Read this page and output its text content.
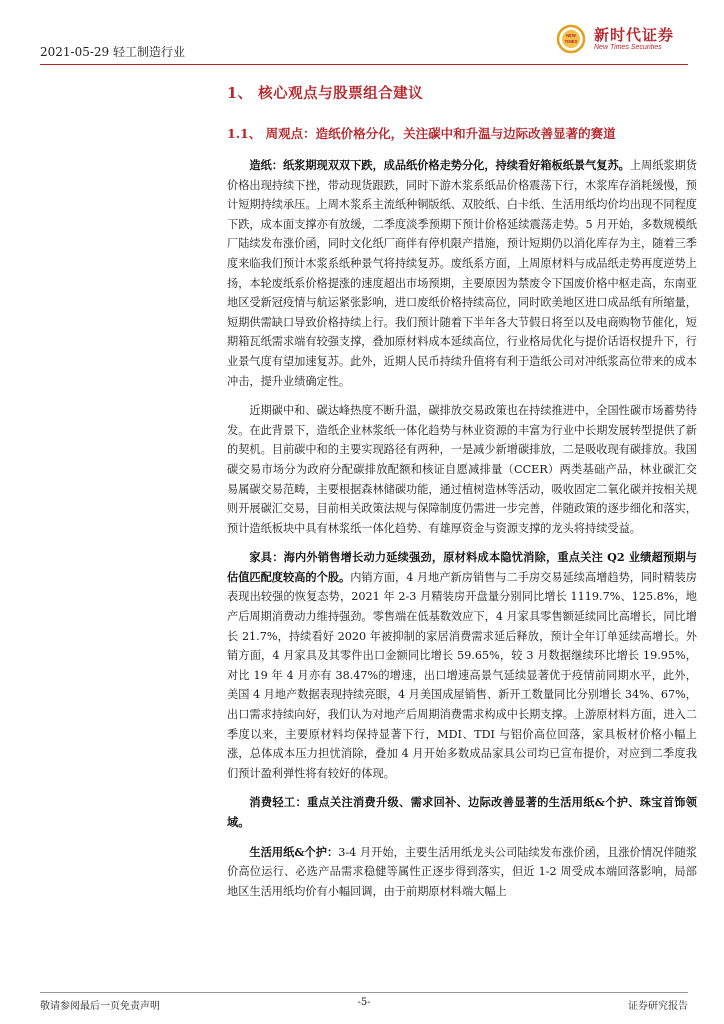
2021-05-29 轻工制造行业
NEW
TIMES 新时代证券
New Times Securities
1、 核心观点与股票组合建议
1.1、 周观点：造纸价格分化，关注碳中和升温与边际改善显著的赛道

造纸：纸浆期现双双下跌，成品纸价格走势分化，持续看好箱板纸景气复苏。上周纸浆期货价格出现持续下挫，带动现货跟跌，同时下游木浆系纸品价格震荡下行，木浆库存消耗缓慢，预计短期持续承压。上周木浆系主流纸种铜版纸、双胶纸、白卡纸、生活用纸均价均出现不同程度下跌，成本面支撑亦有放缓，二季度淡季预期下预计价格延续震荡走势。5 月开始，多数规模纸厂陆续发布涨价函，同时文化纸厂商伴有停机限产措施，预计短期仍以消化库存为主，随着三季度来临我们预计木浆系纸种景气将持续复苏。废纸系方面，上周原材料与成品纸走势再度逆势上扬，本轮废纸系价格提涨的速度超出市场预期，主要原因为禁废令下国废价格中枢走高，东南亚地区受新冠疫情与航运紧张影响，进口废纸价格持续高位，同时欧美地区进口成品纸有所缩量，短期供需缺口导致价格持续上行。我们预计随着下半年各大节假日将至以及电商购物节催化，短期箱瓦纸需求端有较强支撑，叠加原材料成本延续高位，行业格局优化与提价话语权提升下，行业景气度有望加速复苏。此外，近期人民币持续升值将有利于造纸公司对冲纸浆高位带来的成本冲击，提升业绩确定性。

近期碳中和、碳达峰热度不断升温，碳排放交易政策也在持续推进中，全国性碳市场蓄势待发。在此背景下，造纸企业林浆纸一体化趋势与林业资源的丰富为行业中长期发展转型提供了新的契机。目前碳中和的主要实现路径有两种，一是减少新增碳排放，二是吸收现有碳排放。我国碳交易市场分为政府分配碳排放配额和核证自愿减排量（CCER）两类基础产品，林业碳汇交易属碳交易范畴，主要根据森林储碳功能，通过植树造林等活动，吸收固定二氧化碳并按相关规则开展碳汇交易，目前相关政策法规与保障制度仍需进一步完善，伴随政策的逐步细化和落实，预计造纸板块中具有林浆纸一体化趋势、有雄厚资金与资源支撑的龙头将持续受益。

家具：海内外销售增长动力延续强劲，原材料成本隐忧消除，重点关注 Q2 业绩超预期与估值匹配度较高的个股。内销方面，4 月地产新房销售与二手房交易延续高增趋势，同时精装房表现出较强的恢复态势，2021 年 2-3 月精装房开盘量分别同比增长 1119.7%、125.8%，地产后周期消费动力维持强劲。零售端在低基数效应下，4 月家具零售额延续同比高增长，同比增长 21.7%，持续看好 2020 年被抑制的家居消费需求延后释放，预计全年订单延续高增长。外销方面，4 月家具及其零件出口金额同比增长 59.65%，较 3 月数据继续环比增长 19.95%，对比 19 年 4 月亦有 38.47%的增速，出口增速高景气延续显著优于疫情前同期水平，此外，美国 4 月地产数据表现持续亮眼，4 月美国成屋销售、新开工数量同比分别增长 34%、67%，出口需求持续向好，我们认为对地产后周期消费需求构成中长期支撑。上游原材料方面，进入二季度以来，主要原材料均保持显著下行，MDI、TDI 与铝价高位回落，家具板材价格小幅上涨，总体成本压力担忧消除，叠加 4 月开始多数成品家具公司均已宣布提价，对应到二季度我们预计盈利弹性将有较好的体现。

消费轻工：重点关注消费升级、需求回补、边际改善显著的生活用纸&个护、珠宝首饰领域。

生活用纸&个护：3-4 月开始，主要生活用纸龙头公司陆续发布涨价函，且涨价情况伴随浆价高位运行、必选产品需求稳健等属性正逐步得到落实，但近 1-2 周受成本端回落影响，局部地区生活用纸均价有小幅回调，由于前期原材料端大幅上

敬请参阅最后一页免责声明	-5-	证券研究报告
